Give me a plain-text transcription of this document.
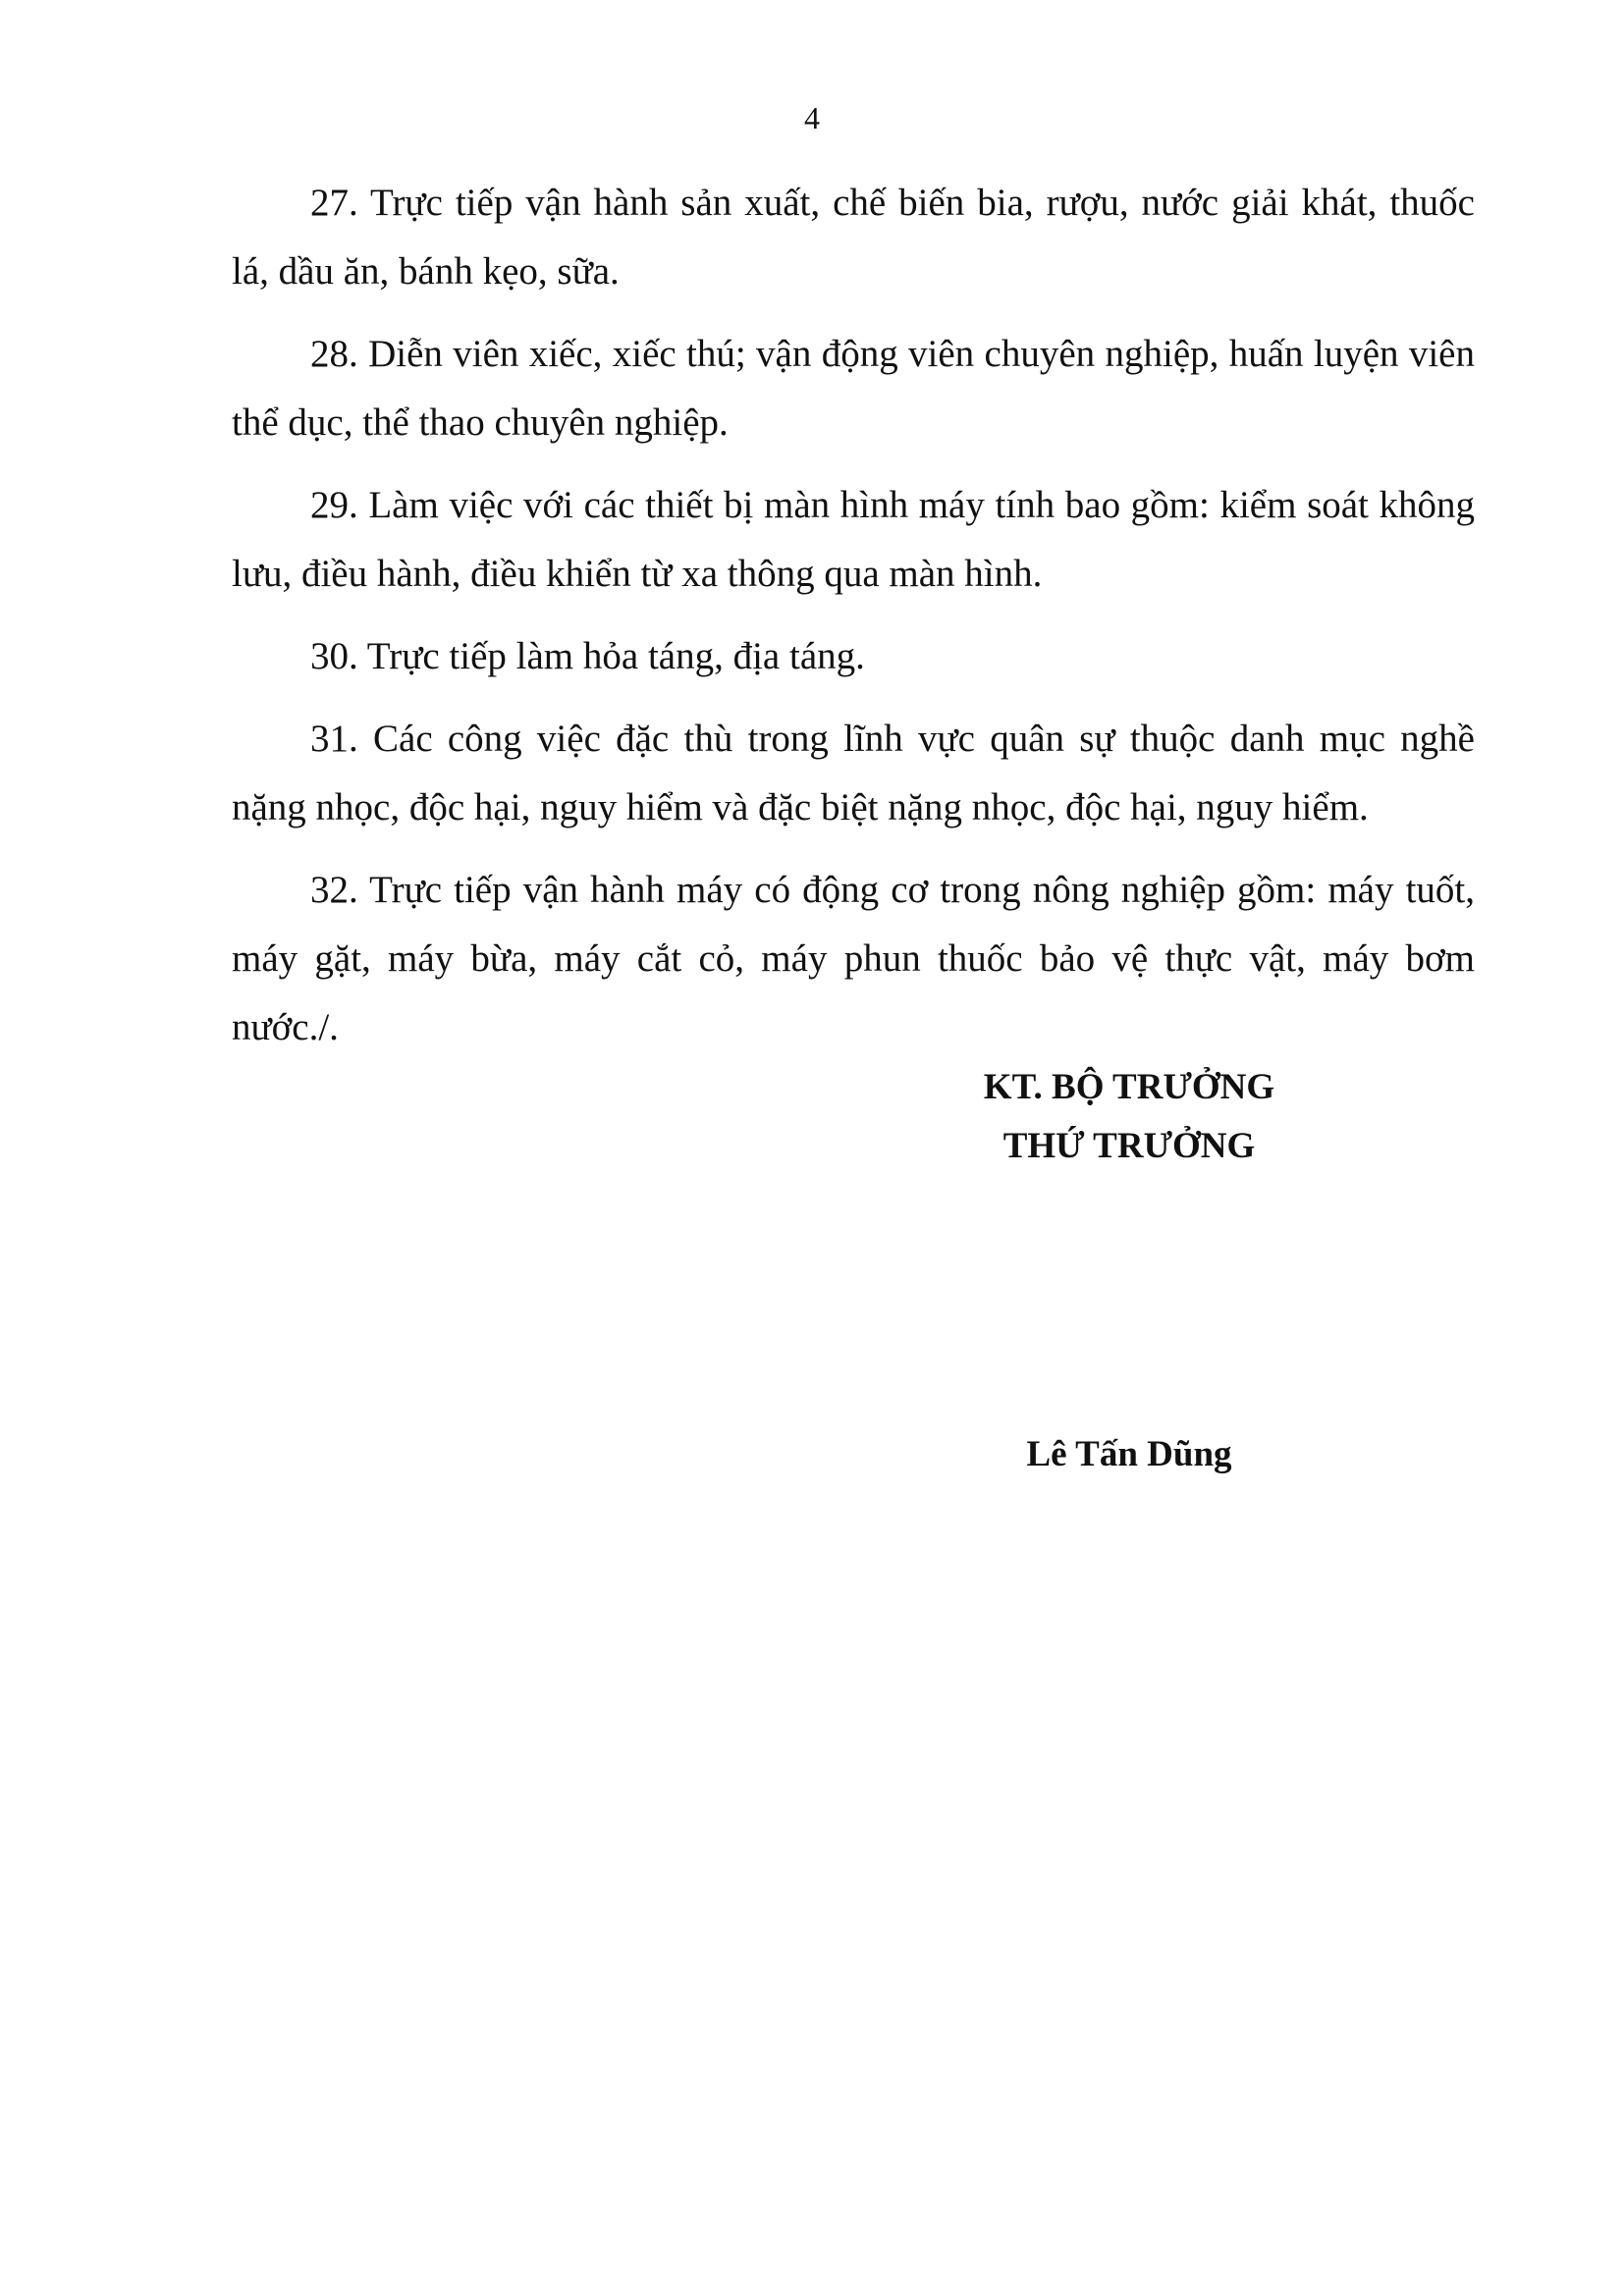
4

27. Trực tiếp vận hành sản xuất, chế biến bia, rượu, nước giải khát, thuốc lá, dầu ăn, bánh kẹo, sữa.

28. Diễn viên xiếc, xiếc thú; vận động viên chuyên nghiệp, huấn luyện viên thể dục, thể thao chuyên nghiệp.

29. Làm việc với các thiết bị màn hình máy tính bao gồm: kiểm soát không lưu, điều hành, điều khiển từ xa thông qua màn hình.

30. Trực tiếp làm hỏa táng, địa táng.

31. Các công việc đặc thù trong lĩnh vực quân sự thuộc danh mục nghề nặng nhọc, độc hại, nguy hiểm và đặc biệt nặng nhọc, độc hại, nguy hiểm.

32. Trực tiếp vận hành máy có động cơ trong nông nghiệp gồm: máy tuốt, máy gặt, máy bừa, máy cắt cỏ, máy phun thuốc bảo vệ thực vật, máy bơm nước./.

KT. BỘ TRƯỞNG
THỨ TRƯỞNG
Lê Tấn Dũng
